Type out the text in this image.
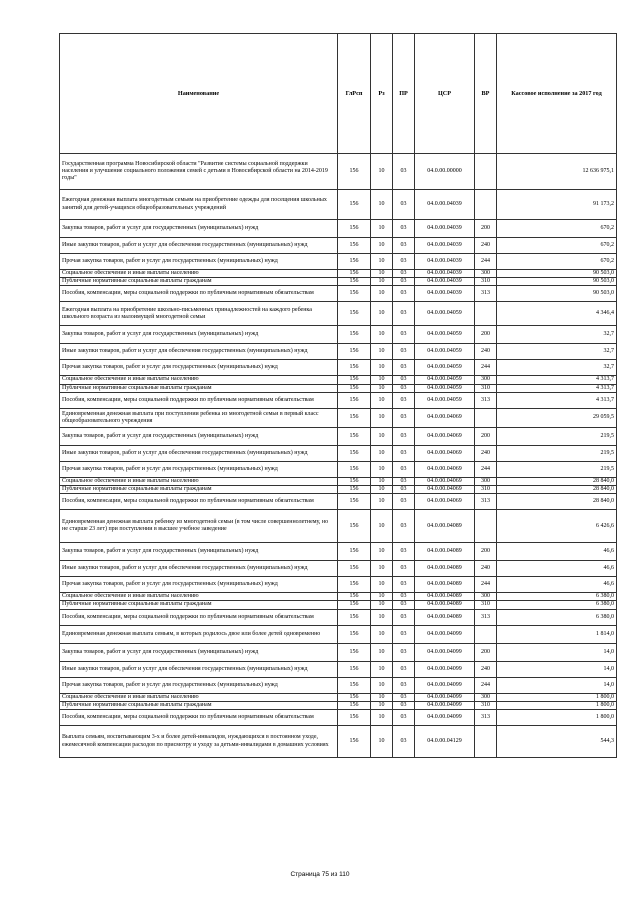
Наименование	ГлРсп	Рз	ПР	ЦСР	ВР	Кассовое исполнение за 2017 год
Государственная программа Новосибирской области "Развитие системы социальной поддержки населения и улучшение социального положения семей с детьми в Новосибирской области на 2014-2019 годы"	156	10	03	04.0.00.00000		12 636 975,1
Ежегодная денежная выплата многодетным семьям на приобретение одежды для посещения школьных занятий для детей-учащихся общеобразовательных учреждений	156	10	03	04.0.00.04039		91 173,2
Закупка товаров, работ и услуг для государственных (муниципальных) нужд	156	10	03	04.0.00.04039	200	670,2
Иные закупки товаров, работ и услуг для обеспечения государственных (муниципальных) нужд	156	10	03	04.0.00.04039	240	670,2
Прочая закупка товаров, работ и услуг для государственных (муниципальных) нужд	156	10	03	04.0.00.04039	244	670,2
Социальное обеспечение и иные выплаты населению	156	10	03	04.0.00.04039	300	90 503,0
Публичные нормативные социальные выплаты гражданам	156	10	03	04.0.00.04039	310	90 503,0
Пособия, компенсации, меры социальной поддержки по публичным нормативным обязательствам	156	10	03	04.0.00.04039	313	90 503,0
Ежегодная выплата на приобретение школьно-письменных принадлежностей на каждого ребенка школьного возраста из малоимущей многодетной семьи	156	10	03	04.0.00.04059		4 346,4
Закупка товаров, работ и услуг для государственных (муниципальных) нужд	156	10	03	04.0.00.04059	200	32,7
Иные закупки товаров, работ и услуг для обеспечения государственных (муниципальных) нужд	156	10	03	04.0.00.04059	240	32,7
Прочая закупка товаров, работ и услуг для государственных (муниципальных) нужд	156	10	03	04.0.00.04059	244	32,7
Социальное обеспечение и иные выплаты населению	156	10	03	04.0.00.04059	300	4 313,7
Публичные нормативные социальные выплаты гражданам	156	10	03	04.0.00.04059	310	4 313,7
Пособия, компенсации, меры социальной поддержки по публичным нормативным обязательствам	156	10	03	04.0.00.04059	313	4 313,7
Единовременная денежная выплата при поступлении ребенка из многодетной семьи в первый класс общеобразовательного учреждения	156	10	03	04.0.00.04069		29 059,5
Закупка товаров, работ и услуг для государственных (муниципальных) нужд	156	10	03	04.0.00.04069	200	219,5
Иные закупки товаров, работ и услуг для обеспечения государственных (муниципальных) нужд	156	10	03	04.0.00.04069	240	219,5
Прочая закупка товаров, работ и услуг для государственных (муниципальных) нужд	156	10	03	04.0.00.04069	244	219,5
Социальное обеспечение и иные выплаты населению	156	10	03	04.0.00.04069	300	28 840,0
Публичные нормативные социальные выплаты гражданам	156	10	03	04.0.00.04069	310	28 840,0
Пособия, компенсации, меры социальной поддержки по публичным нормативным обязательствам	156	10	03	04.0.00.04069	313	28 840,0
Единовременная денежная выплата ребенку из многодетной семьи (в том числе совершеннолетнему, но не старше 23 лет) при поступлении в высшее учебное заведение	156	10	03	04.0.00.04089		6 426,6
Закупка товаров, работ и услуг для государственных (муниципальных) нужд	156	10	03	04.0.00.04089	200	46,6
Иные закупки товаров, работ и услуг для обеспечения государственных (муниципальных) нужд	156	10	03	04.0.00.04089	240	46,6
Прочая закупка товаров, работ и услуг для государственных (муниципальных) нужд	156	10	03	04.0.00.04089	244	46,6
Социальное обеспечение и иные выплаты населению	156	10	03	04.0.00.04089	300	6 380,0
Публичные нормативные социальные выплаты гражданам	156	10	03	04.0.00.04089	310	6 380,0
Пособия, компенсации, меры социальной поддержки по публичным нормативным обязательствам	156	10	03	04.0.00.04089	313	6 380,0
Единовременная денежная выплата семьям, в которых родилось двое или более детей одновременно	156	10	03	04.0.00.04099		1 814,0
Закупка товаров, работ и услуг для государственных (муниципальных) нужд	156	10	03	04.0.00.04099	200	14,0
Иные закупки товаров, работ и услуг для обеспечения государственных (муниципальных) нужд	156	10	03	04.0.00.04099	240	14,0
Прочая закупка товаров, работ и услуг для государственных (муниципальных) нужд	156	10	03	04.0.00.04099	244	14,0
Социальное обеспечение и иные выплаты населению	156	10	03	04.0.00.04099	300	1 800,0
Публичные нормативные социальные выплаты гражданам	156	10	03	04.0.00.04099	310	1 800,0
Пособия, компенсации, меры социальной поддержки по публичным нормативным обязательствам	156	10	03	04.0.00.04099	313	1 800,0
Выплата семьям, воспитывающим 3-х и более детей-инвалидов, нуждающихся в постоянном уходе, ежемесячной компенсации расходов по присмотру и уходу за детьми-инвалидами в домашних условиях	156	10	03	04.0.00.04129		544,3
Страница 75 из 110
